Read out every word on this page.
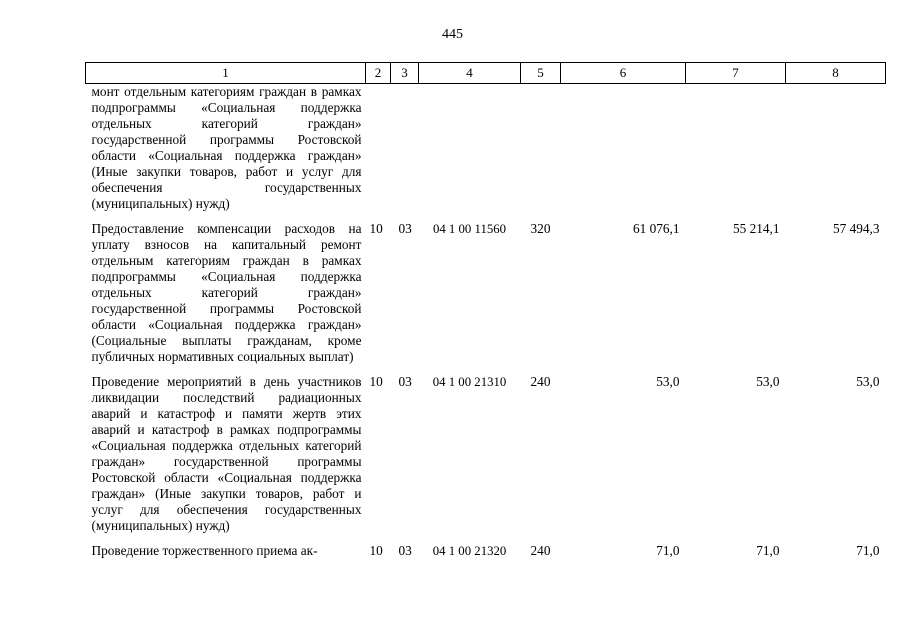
445
1	2	3	4	5	6	7	8
монт отдельным категориям граждан в рамках подпрограммы «Социальная поддержка отдельных категорий граждан» государственной программы Ростовской области «Социальная поддержка граждан» (Иные закупки товаров, работ и услуг для обеспечения государственных (муниципальных) нужд)							
Предоставление компенсации расходов на уплату взносов на капитальный ремонт отдельным категориям граждан в рамках подпрограммы «Социальная поддержка отдельных категорий граждан» государственной программы Ростовской области «Социальная поддержка граждан» (Социальные выплаты гражданам, кроме публичных нормативных социальных выплат)	10	03	04 1 00 11560	320	61 076,1	55 214,1	57 494,3
Проведение мероприятий в день участников ликвидации последствий радиационных аварий и катастроф и памяти жертв этих аварий и катастроф в рамках подпрограммы «Социальная поддержка отдельных категорий граждан» государственной программы Ростовской области «Социальная поддержка граждан» (Иные закупки товаров, работ и услуг для обеспечения государственных (муниципальных) нужд)	10	03	04 1 00 21310	240	53,0	53,0	53,0
Проведение торжественного приема ак-	10	03	04 1 00 21320	240	71,0	71,0	71,0
